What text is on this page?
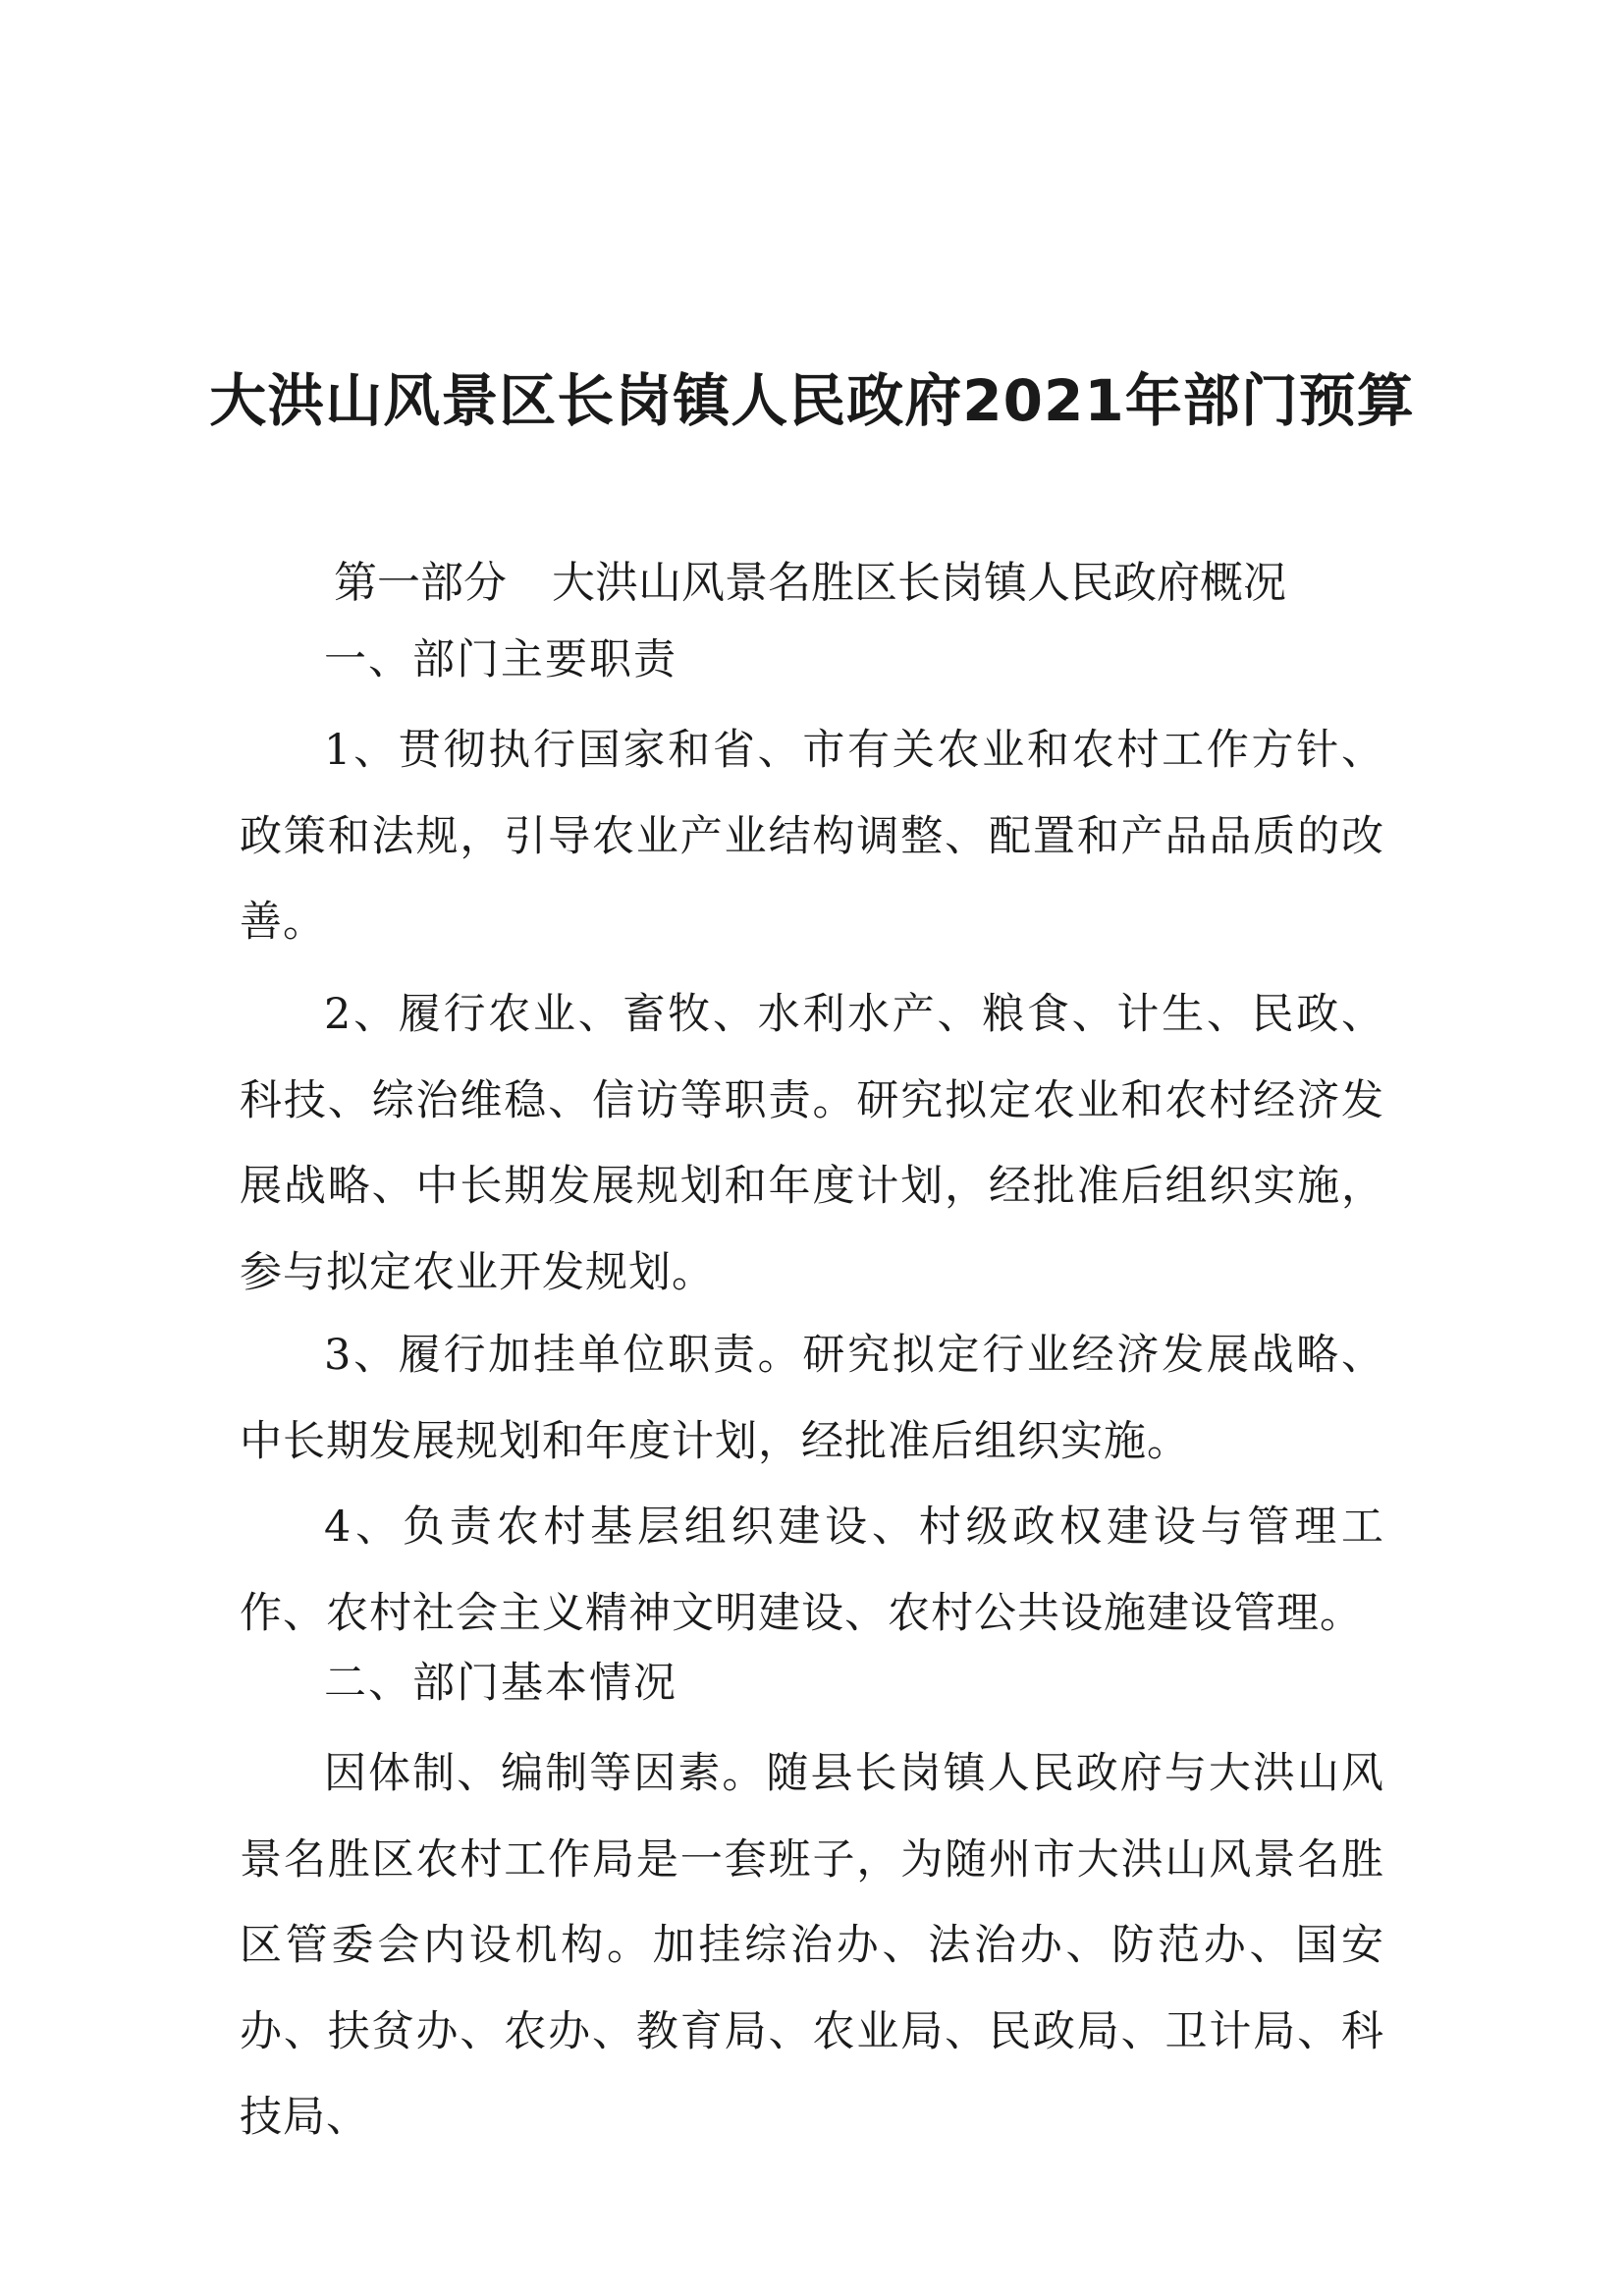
大洪山风景区长岗镇人民政府2021年部门预算
第一部分 大洪山风景名胜区长岗镇人民政府概况
一、部门主要职责
1、贯彻执行国家和省、市有关农业和农村工作方针、政策和法规，引导农业产业结构调整、配置和产品品质的改善。
2、履行农业、畜牧、水利水产、粮食、计生、民政、科技、综治维稳、信访等职责。研究拟定农业和农村经济发展战略、中长期发展规划和年度计划，经批准后组织实施，参与拟定农业开发规划。
3、履行加挂单位职责。研究拟定行业经济发展战略、中长期发展规划和年度计划，经批准后组织实施。
4、负责农村基层组织建设、村级政权建设与管理工作、农村社会主义精神文明建设、农村公共设施建设管理。
二、部门基本情况
因体制、编制等因素。随县长岗镇人民政府与大洪山风景名胜区农村工作局是一套班子，为随州市大洪山风景名胜区管委会内设机构。加挂综治办、法治办、防范办、国安办、扶贫办、农办、教育局、农业局、民政局、卫计局、科技局、
